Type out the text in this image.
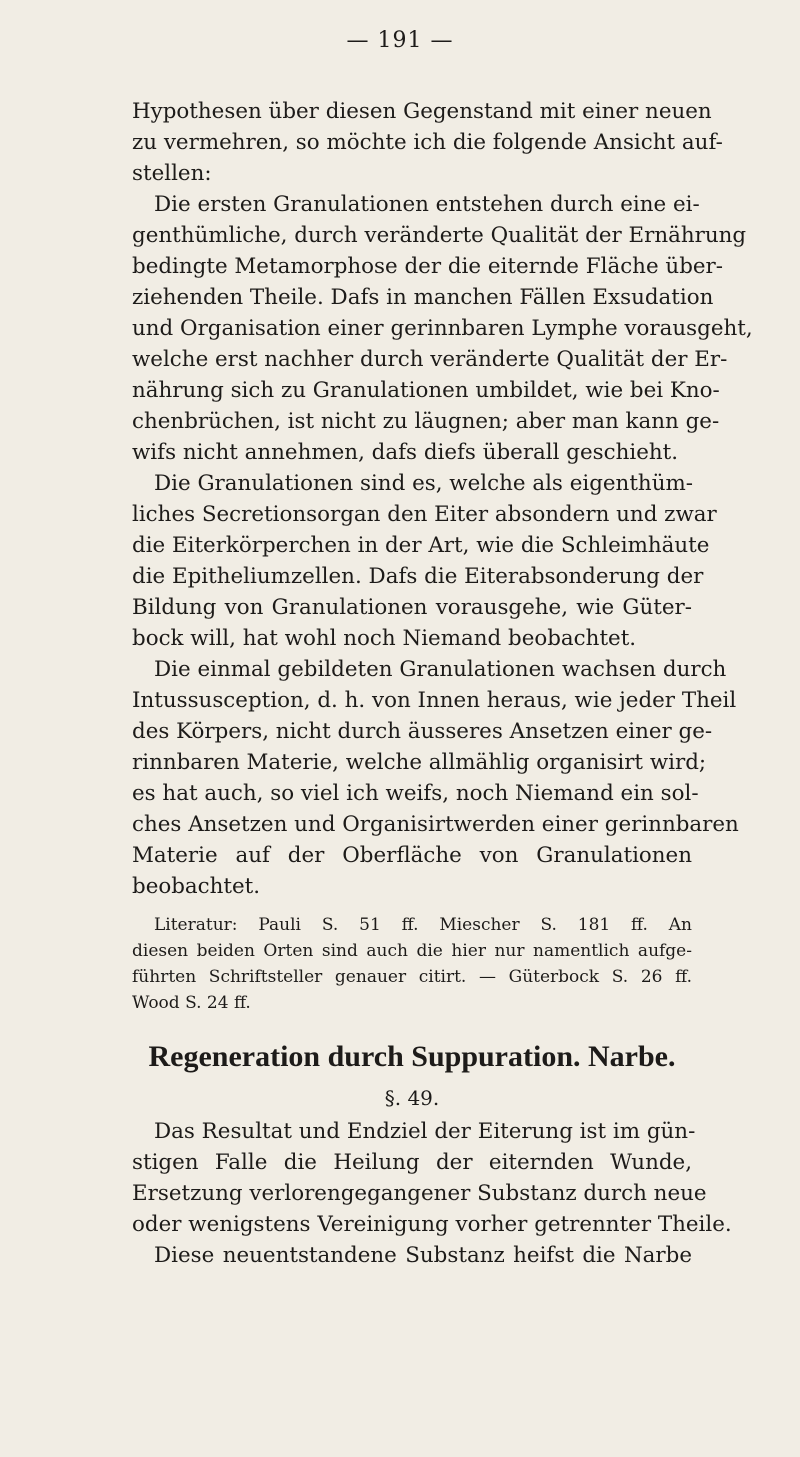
— 191 —
Hypothesen über diesen Gegenstand mit einer neuen
zu vermehren, so möchte ich die folgende Ansicht auf-
stellen:
Die ersten Granulationen entstehen durch eine ei-
genthümliche, durch veränderte Qualität der Ernährung
bedingte Metamorphose der die eiternde Fläche über-
ziehenden Theile. Dafs in manchen Fällen Exsudation
und Organisation einer gerinnbaren Lymphe vorausgeht,
welche erst nachher durch veränderte Qualität der Er-
nährung sich zu Granulationen umbildet, wie bei Kno-
chenbrüchen, ist nicht zu läugnen; aber man kann ge-
wifs nicht annehmen, dafs diefs überall geschieht.
Die Granulationen sind es, welche als eigenthüm-
liches Secretionsorgan den Eiter absondern und zwar
die Eiterkörperchen in der Art, wie die Schleimhäute
die Epitheliumzellen. Dafs die Eiterabsonderung der
Bildung von Granulationen vorausgehe, wie Güter-
bock will, hat wohl noch Niemand beobachtet.
Die einmal gebildeten Granulationen wachsen durch
Intussusception, d. h. von Innen heraus, wie jeder Theil
des Körpers, nicht durch äusseres Ansetzen einer ge-
rinnbaren Materie, welche allmählig organisirt wird;
es hat auch, so viel ich weifs, noch Niemand ein sol-
ches Ansetzen und Organisirtwerden einer gerinnbaren
Materie auf der Oberfläche von Granulationen
beobachtet.
Literatur: Pauli S. 51 ff. Miescher S. 181 ff. An
diesen beiden Orten sind auch die hier nur namentlich aufge-
führten Schriftsteller genauer citirt. — Güterbock S. 26 ff.
Wood S. 24 ff.
Regeneration durch Suppuration. Narbe.
§. 49.
Das Resultat und Endziel der Eiterung ist im gün-
stigen Falle die Heilung der eiternden Wunde,
Ersetzung verlorengegangener Substanz durch neue
oder wenigstens Vereinigung vorher getrennter Theile.
Diese neuentstandene Substanz heifst die Narbe
